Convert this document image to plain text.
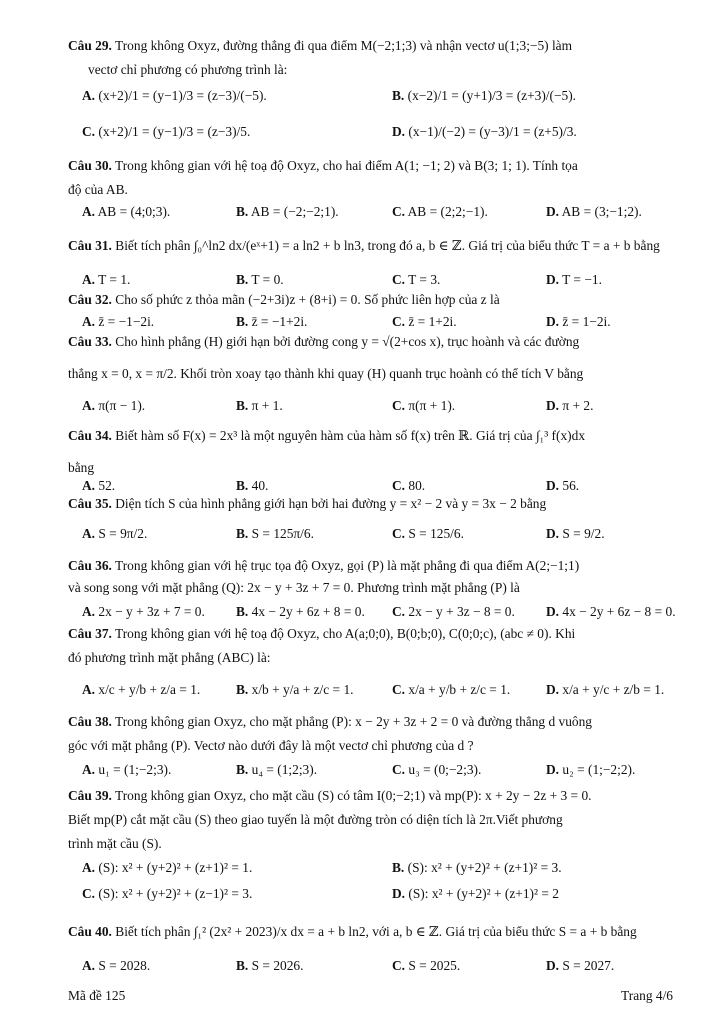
Câu 29. Trong không Oxyz, đường thẳng đi qua điểm M(−2;1;3) và nhận vectơ u(1;3;−5) làm
vectơ chỉ phương có phương trình là:
A. (x+2)/1 = (y−1)/3 = (z−3)/(−5).	B. (x−2)/1 = (y+1)/3 = (z+3)/(−5).
C. (x+2)/1 = (y−1)/3 = (z−3)/5.	D. (x−1)/(−2) = (y−3)/1 = (z+5)/3.
Câu 30. Trong không gian với hệ toạ độ Oxyz, cho hai điểm A(1; −1; 2) và B(3; 1; 1). Tính tọa
độ của AB.
A. AB = (4;0;3).	B. AB = (−2;−2;1).	C. AB = (2;2;−1).	D. AB = (3;−1;2).
Câu 31. Biết tích phân ∫₀^ln2 dx/(eˣ+1) = a ln2 + b ln3, trong đó a, b ∈ ℤ. Giá trị của biểu thức T = a + b bằng
A. T = 1.	B. T = 0.	C. T = 3.	D. T = −1.
Câu 32. Cho số phức z thỏa mãn (−2+3i)z + (8+i) = 0. Số phức liên hợp của z là
A. z̄ = −1−2i.	B. z̄ = −1+2i.	C. z̄ = 1+2i.	D. z̄ = 1−2i.
Câu 33. Cho hình phẳng (H) giới hạn bởi đường cong y = √(2+cos x), trục hoành và các đường
thẳng x = 0, x = π/2. Khối tròn xoay tạo thành khi quay (H) quanh trục hoành có thể tích V bằng
A. π(π − 1).	B. π + 1.	C. π(π + 1).	D. π + 2.
Câu 34. Biết hàm số F(x) = 2x³ là một nguyên hàm của hàm số f(x) trên ℝ. Giá trị của ∫₁³ f(x)dx
bằng
A. 52.	B. 40.	C. 80.	D. 56.
Câu 35. Diện tích S của hình phẳng giới hạn bởi hai đường y = x² − 2 và y = 3x − 2 bằng
A. S = 9π/2.	B. S = 125π/6.	C. S = 125/6.	D. S = 9/2.
Câu 36. Trong không gian với hệ trục tọa độ Oxyz, gọi (P) là mặt phẳng đi qua điểm A(2;−1;1)
và song song với mặt phẳng (Q): 2x − y + 3z + 7 = 0. Phương trình mặt phẳng (P) là
A. 2x − y + 3z + 7 = 0. B. 4x − 2y + 6z + 8 = 0. C. 2x − y + 3z − 8 = 0. D. 4x − 2y + 6z − 8 = 0.
Câu 37. Trong không gian với hệ toạ độ Oxyz, cho A(a;0;0), B(0;b;0), C(0;0;c), (abc ≠ 0). Khi
đó phương trình mặt phẳng (ABC) là:
A. x/c + y/b + z/a = 1.	B. x/b + y/a + z/c = 1.	C. x/a + y/b + z/c = 1.	D. x/a + y/c + z/b = 1.
Câu 38. Trong không gian Oxyz, cho mặt phẳng (P): x − 2y + 3z + 2 = 0 và đường thẳng d vuông
góc với mặt phẳng (P). Vectơ nào dưới đây là một vectơ chỉ phương của d ?
A. u₁ = (1;−2;3).	B. u₄ = (1;2;3).	C. u₃ = (0;−2;3).	D. u₂ = (1;−2;2).
Câu 39. Trong không gian Oxyz, cho mặt cầu (S) có tâm I(0;−2;1) và mp(P): x + 2y − 2z + 3 = 0.
Biết mp(P) cắt mặt cầu (S) theo giao tuyến là một đường tròn có diện tích là 2π.Viết phương
trình mặt cầu (S).
A. (S): x² + (y+2)² + (z+1)² = 1.	B. (S): x² + (y+2)² + (z+1)² = 3.
C. (S): x² + (y+2)² + (z−1)² = 3.	D. (S): x² + (y+2)² + (z+1)² = 2
Câu 40. Biết tích phân ∫₁² (2x² + 2023)/x dx = a + b ln2, với a, b ∈ ℤ. Giá trị của biểu thức S = a + b bằng
A. S = 2028.	B. S = 2026.	C. S = 2025.	D. S = 2027.
Mã đề 125	Trang 4/6
